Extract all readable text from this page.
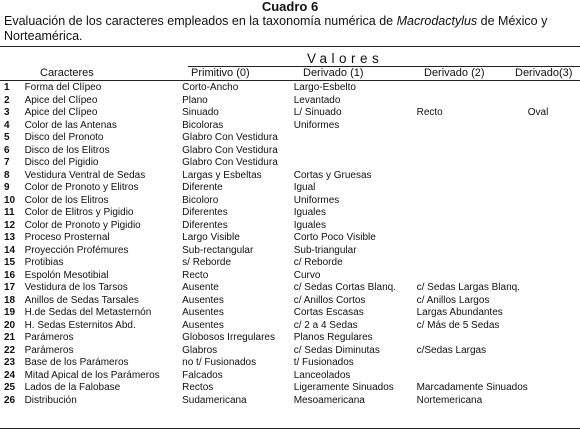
Cuadro 6
Evaluación de los caracteres empleados en la taxonomía numérica de Macrodactylus de México y Norteamérica.
Valores
Caracteres	Primitivo (0)	Derivado (1)	Derivado (2)	Derivado(3)
1	Forma del Clípeo	Corto-Ancho	Largo-Esbelto		
2	Apice del Clípeo	Plano	Levantado		
3	Apice del Clípeo	Sinuado	L/ Sinuado	Recto	Oval
4	Color de las Antenas	Bicoloras	Uniformes		
5	Disco del Pronoto	Glabro Con Vestidura			
6	Disco de los Elitros	Glabro Con Vestidura			
7	Disco del Pigidio	Glabro Con Vestidura			
8	Vestidura Ventral de Sedas	Largas y Esbeltas	Cortas y Gruesas		
9	Color de Pronoto y Elitros	Diferente	Igual		
10	Color de los Elitros	Bicoloro	Uniformes		
11	Color de Elitros y Pigidio	Diferentes	Iguales		
12	Color de Pronoto y Pigidio	Diferentes	Iguales		
13	Proceso Prosternal	Largo Visible	Corto Poco Visible		
14	Proyección Profémures	Sub-rectangular	Sub-triangular		
15	Protibias	s/ Reborde	c/ Reborde		
16	Espolón Mesotibial	Recto	Curvo		
17	Vestidura de los Tarsos	Ausente	c/ Sedas Cortas Blanq.	c/ Sedas Largas Blanq.	
18	Anillos de Sedas Tarsales	Ausentes	c/ Anillos Cortos	c/ Anillos Largos	
19	H.de Sedas del Metasternón	Ausentes	Cortas Escasas	Largas Abundantes	
20	H. Sedas Esternitos Abd.	Ausentes	c/ 2 a 4 Sedas	c/ Más de 5 Sedas	
21	Parámeros	Globosos Irregulares	Planos Regulares		
22	Parámeros	Glabros	c/ Sedas Diminutas	c/Sedas Largas	
23	Base de los Parámeros	no t/ Fusionados	t/ Fusionados		
24	Mitad Apical de los Parámeros	Falcados	Lanceolados		
25	Lados de la Falobase	Rectos	Ligeramente Sinuados	Marcadamente Sinuados	
26	Distribución	Sudamericana	Mesoamericana	Nortemericana	
